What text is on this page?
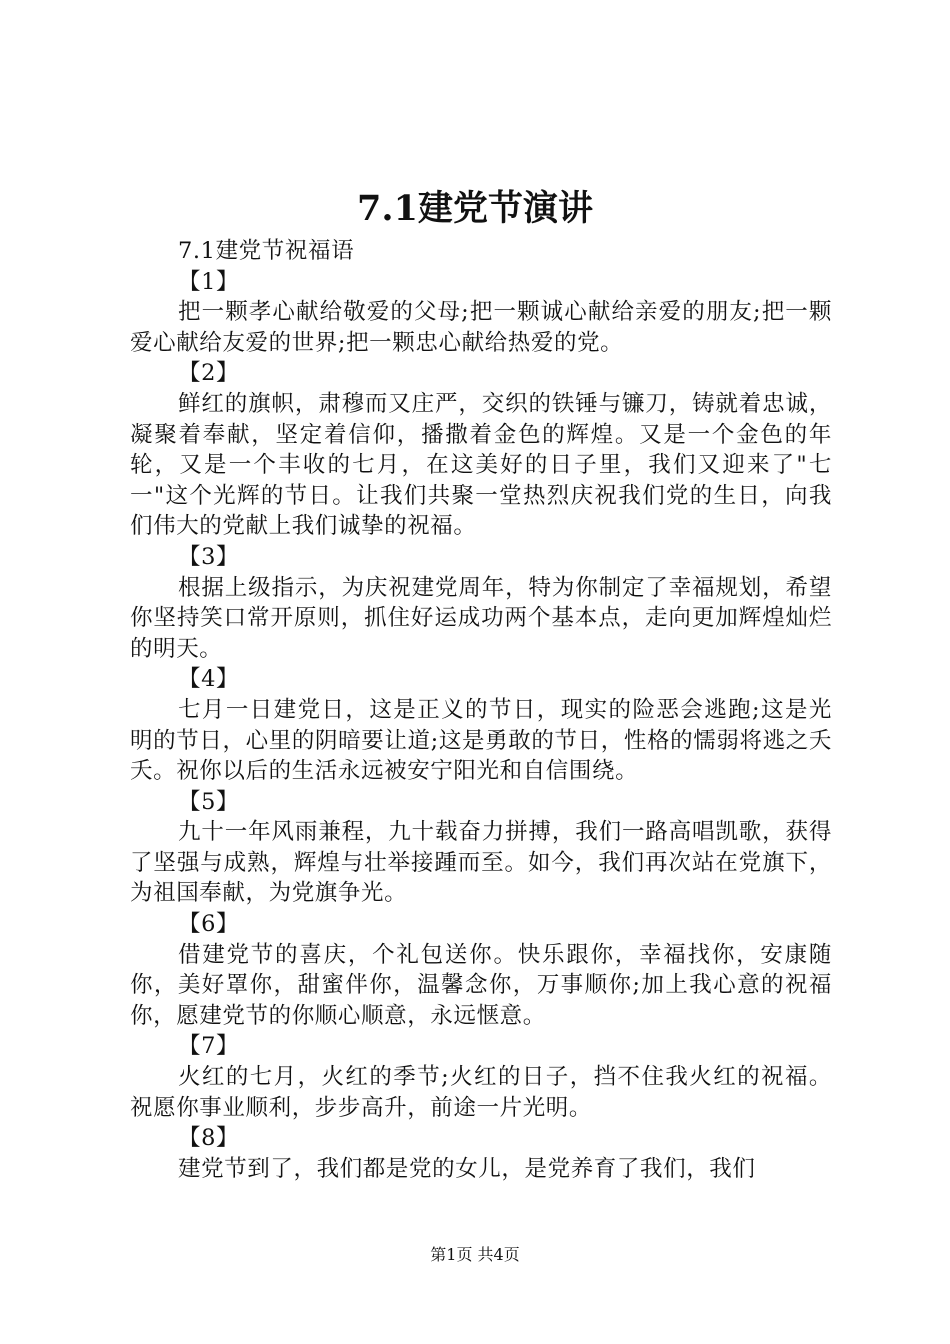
7.1建党节演讲

7.1建党节祝福语

【1】

把一颗孝心献给敬爱的父母;把一颗诚心献给亲爱的朋友;把一颗爱心献给友爱的世界;把一颗忠心献给热爱的党。

【2】

鲜红的旗帜，肃穆而又庄严，交织的铁锤与镰刀，铸就着忠诚，凝聚着奉献，坚定着信仰，播撒着金色的辉煌。又是一个金色的年轮，又是一个丰收的七月，在这美好的日子里，我们又迎来了"七一"这个光辉的节日。让我们共聚一堂热烈庆祝我们党的生日，向我们伟大的党献上我们诚挚的祝福。

【3】

根据上级指示，为庆祝建党周年，特为你制定了幸福规划，希望你坚持笑口常开原则，抓住好运成功两个基本点，走向更加辉煌灿烂的明天。

【4】

七月一日建党日，这是正义的节日，现实的险恶会逃跑;这是光明的节日，心里的阴暗要让道;这是勇敢的节日，性格的懦弱将逃之夭夭。祝你以后的生活永远被安宁阳光和自信围绕。

【5】

九十一年风雨兼程，九十载奋力拼搏，我们一路高唱凯歌，获得了坚强与成熟，辉煌与壮举接踵而至。如今，我们再次站在党旗下，为祖国奉献，为党旗争光。

【6】

借建党节的喜庆，个礼包送你。快乐跟你，幸福找你，安康随你，美好罩你，甜蜜伴你，温馨念你，万事顺你;加上我心意的祝福你，愿建党节的你顺心顺意，永远惬意。

【7】

火红的七月，火红的季节;火红的日子，挡不住我火红的祝福。祝愿你事业顺利，步步高升，前途一片光明。

【8】

建党节到了，我们都是党的女儿，是党养育了我们，我们

第1页 共4页
